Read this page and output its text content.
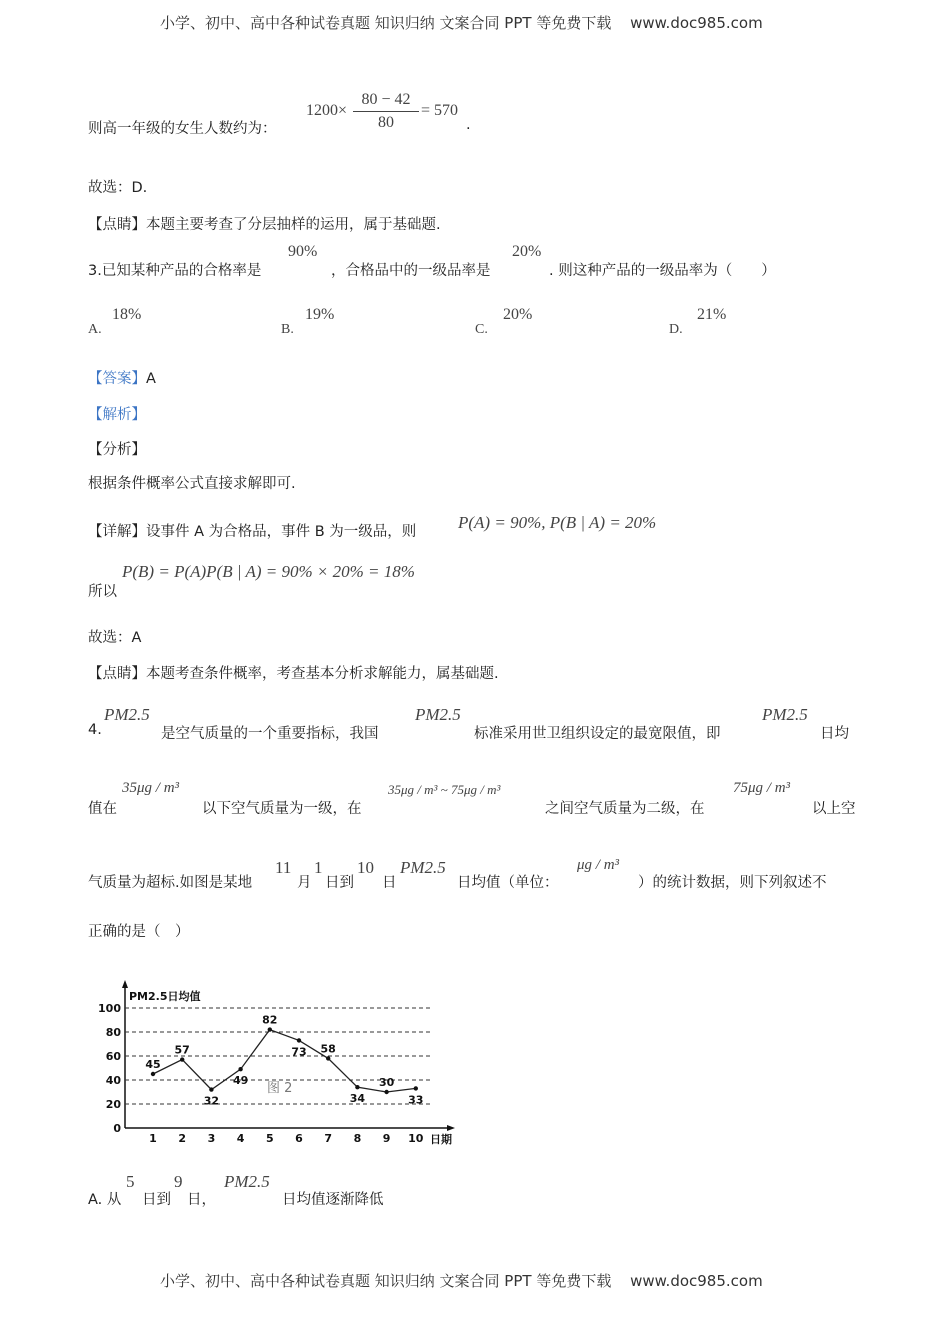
小学、初中、高中各种试卷真题 知识归纳 文案合同 PPT 等免费下载 www.doc985.com
则高一年级的女生人数约为：
1200×
80 − 42
80
= 570
.
故选：D.
【点睛】本题主要考查了分层抽样的运用，属于基础题.
3.已知某种产品的合格率是
90%
，合格品中的一级品率是
20%
. 则这种产品的一级品率为（　　）
A.
18%
B.
19%
C.
20%
D.
21%
【答案】A
【解析】
【分析】
根据条件概率公式直接求解即可.
【详解】设事件 A 为合格品，事件 B 为一级品，则 P(A) = 90%, P(B | A) = 20%
所以
P(B) = P(A)P(B | A) = 90% × 20% = 18%
故选：A
【点睛】本题考查条件概率，考查基本分析求解能力，属基础题.
4.
PM2.5
是空气质量的一个重要指标，我国
PM2.5
标准采用世卫组织设定的最宽限值，即
PM2.5
日均
值在
35μg / m³
以下空气质量为一级，在
35μg / m³ ~ 75μg / m³
之间空气质量为二级，在
75μg / m³
以上空
气质量为超标.如图是某地
11
月
1
日到
10
日
PM2.5
日均值（单位：
μg / m³
）的统计数据，则下列叙述不
正确的是（　）
PM2.5日均值
日期
图 2
0
20
40
60
80
100
1 2 3 4 5 6 7 8 9 10
45
57
32
49
82
73 58
34
30
33
A. 从
5
日到
9
日，
PM2.5
日均值逐渐降低
小学、初中、高中各种试卷真题 知识归纳 文案合同 PPT 等免费下载 www.doc985.com
